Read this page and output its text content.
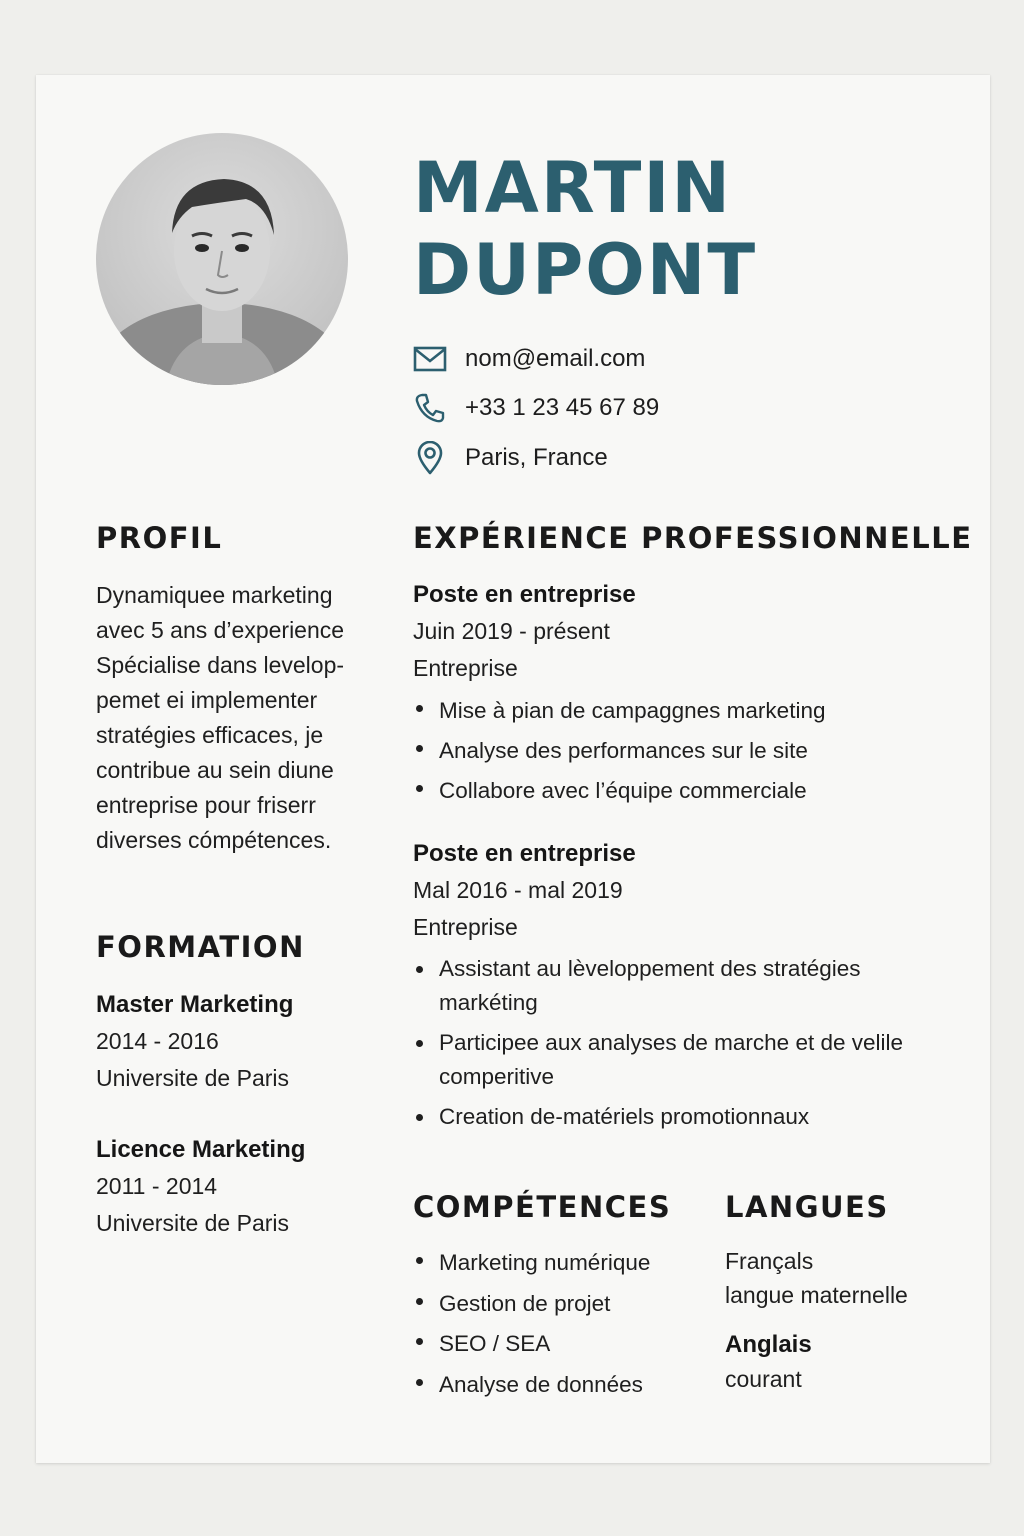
MARTIN
DUPONT
nom@email.com
+33 1 23 45 67 89
Paris, France
PROFIL
Dynamiquee marketing
avec 5 ans d’experience
Spécialise dans levelop-
pemet ei implementer
stratégies efficaces, je
contribue au sein diune
entreprise pour friserr
diverses cómpétences.
FORMATION
Master Marketing
2014 - 2016
Universite de Paris
Licence Marketing
2011 - 2014
Universite de Paris
EXPÉRIENCE PROFESSIONNELLE
Poste en entreprise
Juin 2019 - présent
Entreprise
Mise à pian de campaggnes marketing
Analyse des performances sur le site
Collabore avec l’équipe commerciale
Poste en entreprise
Mal 2016 - mal 2019
Entreprise
Assistant au lèveloppement des stratégies
markéting
Participee aux analyses de marche et de velile
comperitive
Creation de-matériels promotionnaux
COMPÉTENCES
Marketing numérique
Gestion de projet
SEO / SEA
Analyse de données
LANGUES
Françals
langue maternelle
Anglais
courant
